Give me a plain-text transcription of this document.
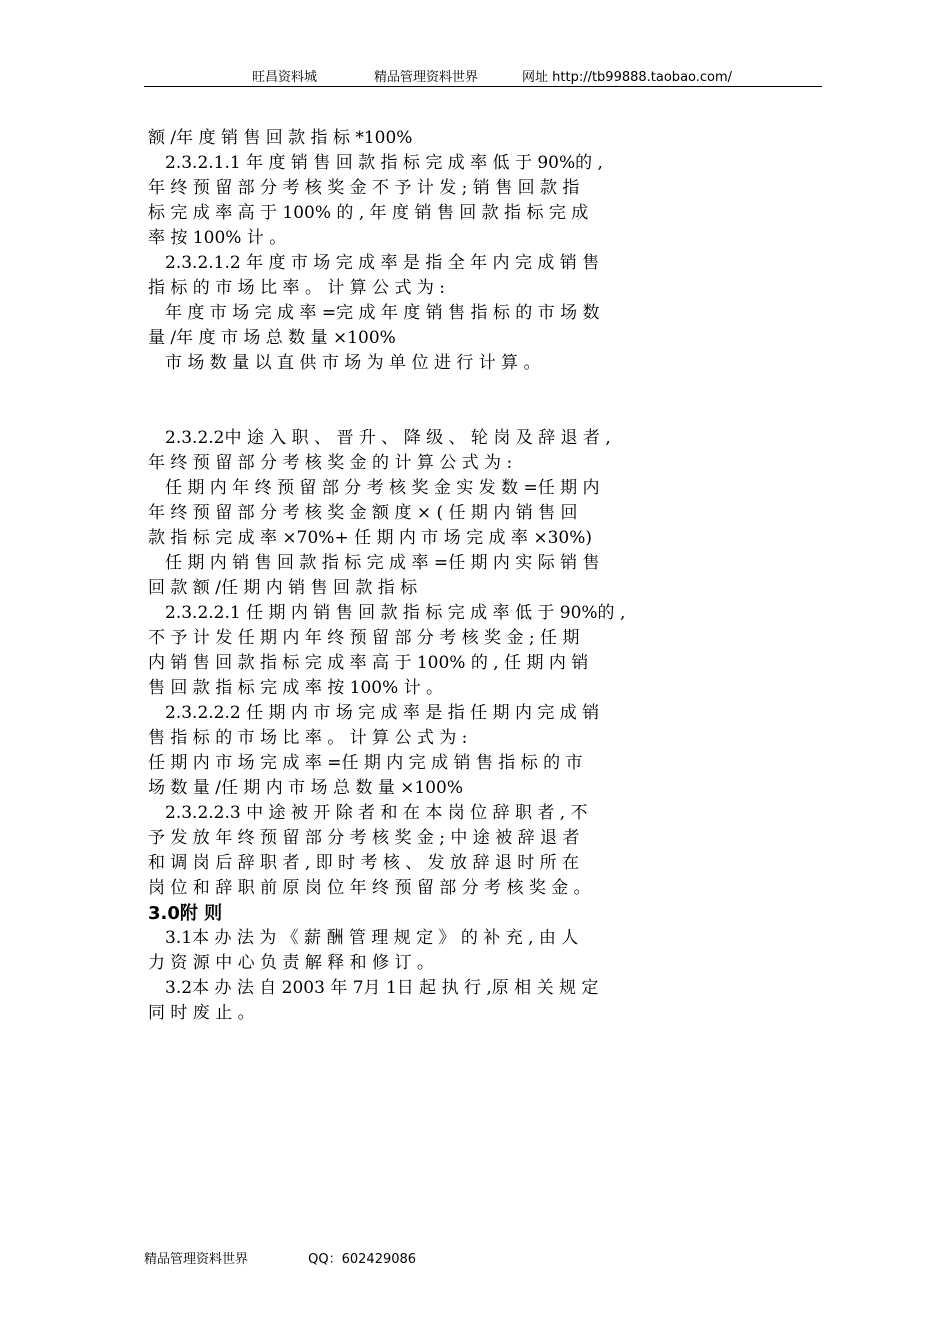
旺昌资料城	精品管理资料世界	网址 http://tb99888.taobao.com/
额 /年 度 销 售 回 款 指 标 *100%
　2.3.2.1.1 年 度 销 售 回 款 指 标 完 成 率 低 于 90%的 ,
年 终 预 留 部 分 考 核 奖 金 不 予 计 发 ; 销 售 回 款 指
标 完 成 率 高 于 100% 的 , 年 度 销 售 回 款 指 标 完 成
率 按 100% 计 。
　2.3.2.1.2 年 度 市 场 完 成 率 是 指 全 年 内 完 成 销 售
指 标 的 市 场 比 率 。 计 算 公 式 为 :
　年 度 市 场 完 成 率 =完 成 年 度 销 售 指 标 的 市 场 数
量 /年 度 市 场 总 数 量 ×100%
　市 场 数 量 以 直 供 市 场 为 单 位 进 行 计 算 。
　2.3.2.2中 途 入 职 、 晋 升 、 降 级 、 轮 岗 及 辞 退 者 ,
年 终 预 留 部 分 考 核 奖 金 的 计 算 公 式 为 :
　任 期 内 年 终 预 留 部 分 考 核 奖 金 实 发 数 =任 期 内
年 终 预 留 部 分 考 核 奖 金 额 度 × ( 任 期 内 销 售 回
款 指 标 完 成 率 ×70%+ 任 期 内 市 场 完 成 率 ×30%)
　任 期 内 销 售 回 款 指 标 完 成 率 =任 期 内 实 际 销 售
回 款 额 /任 期 内 销 售 回 款 指 标
　2.3.2.2.1 任 期 内 销 售 回 款 指 标 完 成 率 低 于 90%的 ,
不 予 计 发 任 期 内 年 终 预 留 部 分 考 核 奖 金 ; 任 期
内 销 售 回 款 指 标 完 成 率 高 于 100% 的 , 任 期 内 销
售 回 款 指 标 完 成 率 按 100% 计 。
　2.3.2.2.2 任 期 内 市 场 完 成 率 是 指 任 期 内 完 成 销
售 指 标 的 市 场 比 率 。 计 算 公 式 为 :
任 期 内 市 场 完 成 率 =任 期 内 完 成 销 售 指 标 的 市
场 数 量 /任 期 内 市 场 总 数 量 ×100%
　2.3.2.2.3 中 途 被 开 除 者 和 在 本 岗 位 辞 职 者 , 不
予 发 放 年 终 预 留 部 分 考 核 奖 金 ; 中 途 被 辞 退 者
和 调 岗 后 辞 职 者 , 即 时 考 核 、 发 放 辞 退 时 所 在
岗 位 和 辞 职 前 原 岗 位 年 终 预 留 部 分 考 核 奖 金 。
3.0附 则
　3.1本 办 法 为 《 薪 酬 管 理 规 定 》 的 补 充 , 由 人
力 资 源 中 心 负 责 解 释 和 修 订 。
　3.2本 办 法 自 2003 年 7月 1日 起 执 行 ,原 相 关 规 定
同 时 废 止 。
精品管理资料世界	QQ：602429086
